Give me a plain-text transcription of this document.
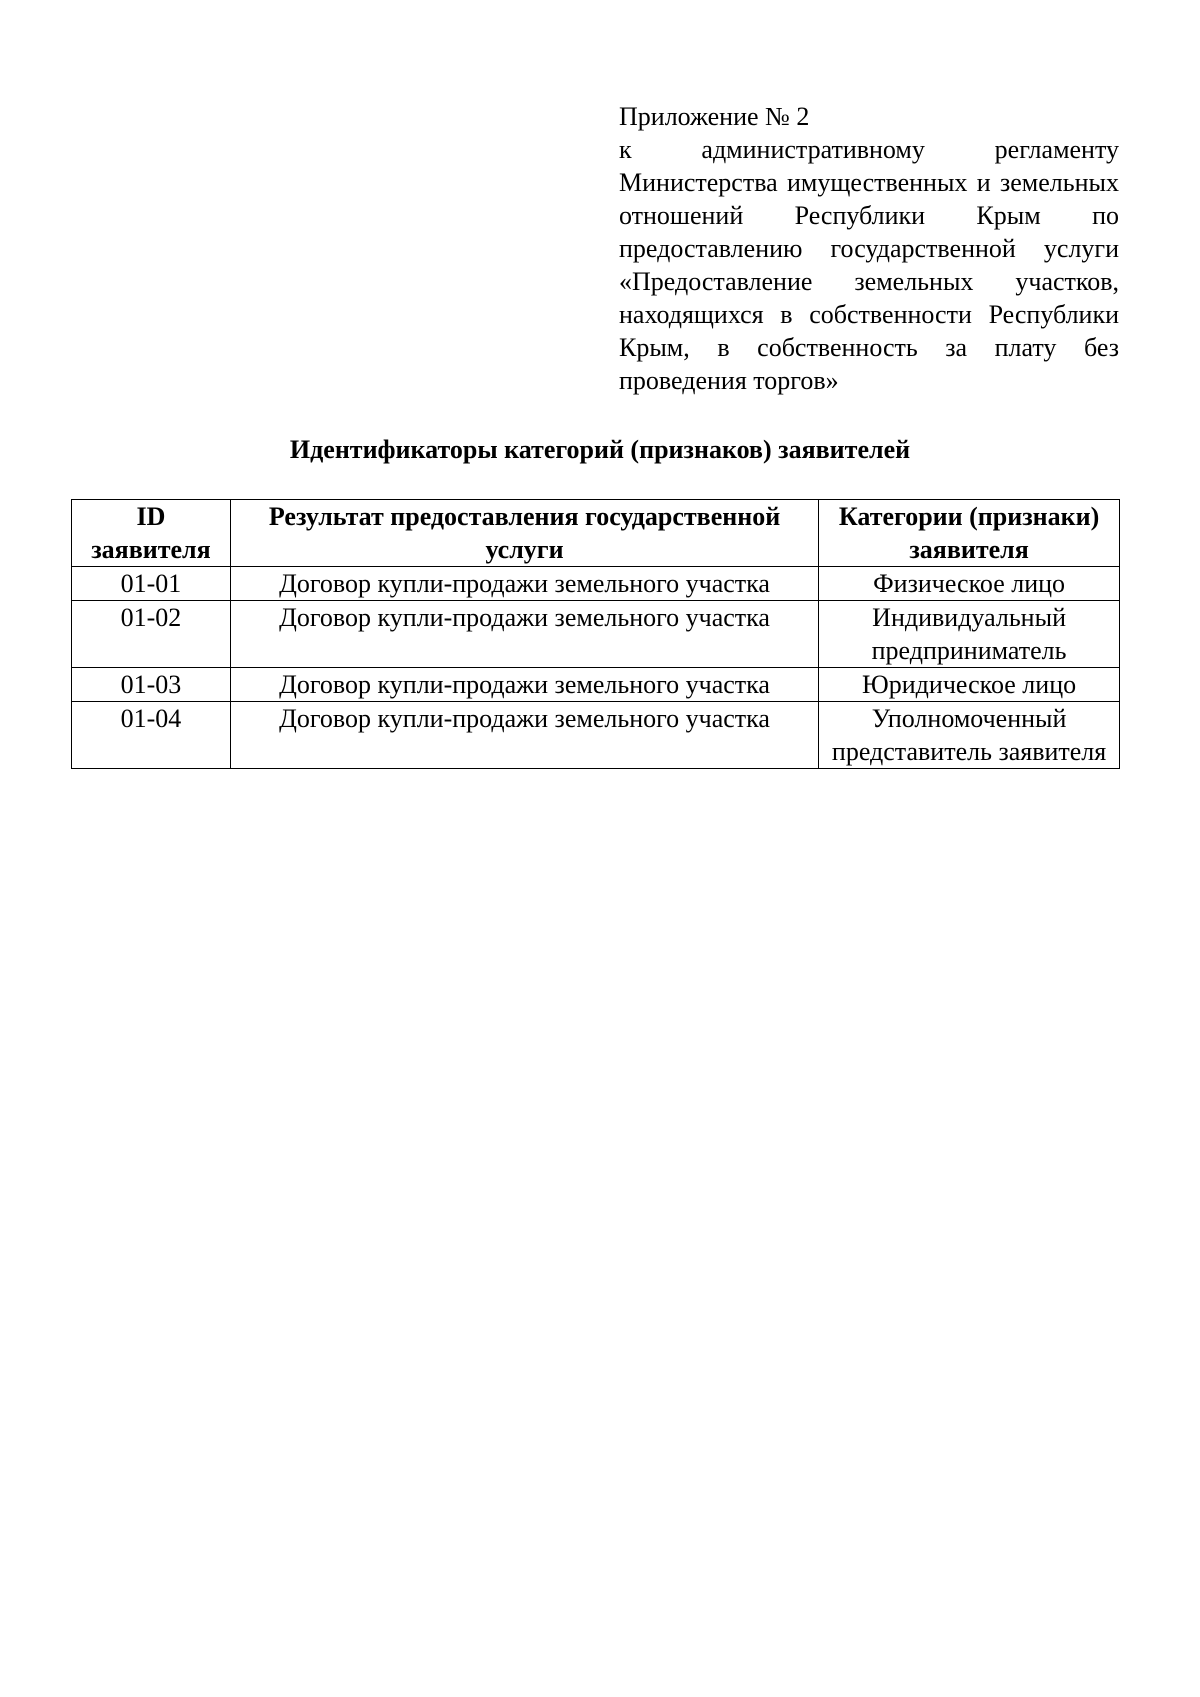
Приложение № 2
к административному регламенту Министерства имущественных и земельных отношений Республики Крым по предоставлению государственной услуги «Предоставление земельных участков, находящихся в собственности Республики Крым, в собственность за плату без проведения торгов»
Идентификаторы категорий (признаков) заявителей
ID заявителя	Результат предоставления государственной услуги	Категории (признаки) заявителя
01-01	Договор купли-продажи земельного участка	Физическое лицо
01-02	Договор купли-продажи земельного участка	Индивидуальный предприниматель
01-03	Договор купли-продажи земельного участка	Юридическое лицо
01-04	Договор купли-продажи земельного участка	Уполномоченный представитель заявителя
